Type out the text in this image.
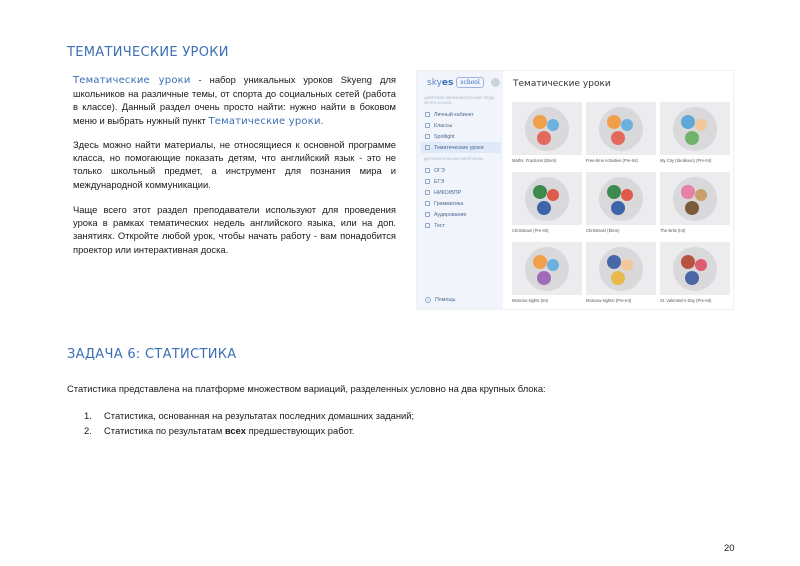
ТЕМАТИЧЕСКИЕ УРОКИ

Тематические уроки - набор уникальных уроков Skyeng для школьников на различные темы, от спорта до социальных сетей (работа в классе). Данный раздел очень просто найти: нужно найти в боковом меню и выбрать нужный пункт Тематические уроки.

Здесь можно найти материалы, не относящиеся к основной программе класса, но помогающие показать детям, что английский язык - это не только школьный предмет, а инструмент для познания мира и международной коммуникации.

Чаще всего этот раздел преподаватели используют для проведения урока в рамках тематических недель английского языка, или на доп. занятиях. Откройте любой урок, чтобы начать работу - вам понадобится проектор или интерактивная доска.

skyes	school
ЦИФРОВАЯ ОБРАЗОВАТЕЛЬНАЯ СРЕДА SKYES SCHOOL
Личный кабинет
Классы
Spotlight
Тематические уроки
ДОПОЛНИТЕЛЬНЫЕ МАТЕРИАЛЫ
ОГЭ
ЕГЭ
НИКО/ВПР
Грамматика
Аудирование
Тест
?	Помощь
Тематические уроки
Maths. Fractions (Elem)	Free-time Activities (Pre-Int)	My City (Skolkovo) (Pre-Int)
Christmas! (Pre-Int)	Christmas! (Elem)	The Brits (Int)
Moscow sights (Int)	Moscow sights! (Pre-Int)	St. Valentine's Day (Pre-Int)
ЗАДАЧА 6: СТАТИСТИКА
Статистика представлена на платформе множеством вариаций, разделенных условно на два крупных блока:
1.	Статистика, основанная на результатах последних домашних заданий;
2.	Статистика по результатам всех предшествующих работ.
20
